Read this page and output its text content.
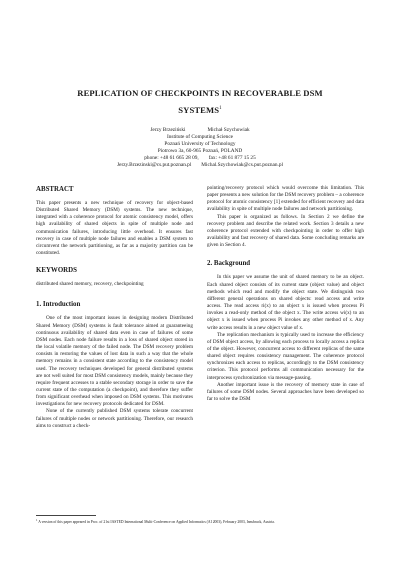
REPLICATION OF CHECKPOINTS IN RECOVERABLE DSM
SYSTEMS$^1$
Jerzy Brzeziński	Michał Szychowiak
Institute of Computing Science
Poznań University of Technology
Piotrowo 3a, 60-965 Poznań, POLAND
phone: +48 61 665 28 09, fax: +48 61 877 15 25
Jerzy.Brzezinski@cs.put.poznan.pl Michal.Szychowiak@cs.put.poznan.pl
ABSTRACT

This paper presents a new technique of recovery for object-based Distributed Shared Memory (DSM) systems. The new technique, integrated with a coherence protocol for atomic consistency model, offers high availability of shared objects in spite of multiple node and communication failures, introducing little overhead. It ensures fast recovery in case of multiple node failures and enables a DSM system to circumvent the network partitioning, as far as a majority partition can be constituted.

KEYWORDS

distributed shared memory, recovery, checkpointing

1. Introduction

One of the most important issues in designing modern Distributed Shared Memory (DSM) systems is fault tolerance aimed at guaranteeing continuous availability of shared data even in case of failures of some DSM nodes. Each node failure results in a loss of shared object stored in the local volatile memory of the failed node. The DSM recovery problem consists in restoring the values of lost data in such a way that the whole memory remains in a consistent state according to the consistency model used. The recovery techniques developed for general distributed systems are not well suited for most DSM consistency models, mainly because they require frequent accesses to a stable secondary storage in order to save the current state of the computation (a checkpoint), and therefore they suffer from significant overhead when imposed on DSM systems. This motivates investigations for new recovery protocols dedicated for DSM.

None of the currently published DSM systems tolerate concurrent failures of multiple nodes or network partitioning. Therefore, our research aims to construct a check-

pointing/recovery protocol which would overcome this limitation. This paper presents a new solution for the DSM recovery problem – a coherence protocol for atomic consistency [1] extended for efficient recovery and data availability in spite of multiple node failures and network partitioning.

This paper is organized as follows. In Section 2 we define the recovery problem and describe the related work. Section 3 details a new coherence protocol extended with checkpointing in order to offer high availability and fast recovery of shared data. Some concluding remarks are given in Section 4.

2. Background

In this paper we assume the unit of shared memory to be an object. Each shared object consists of its current state (object value) and object methods which read and modify the object state. We distinguish two different general operations on shared objects: read access and write access. The read access ri(x) to an object x is issued when process Pi invokes a read-only method of the object x. The write access wi(x) to an object x is issued when process Pi invokes any other method of x. Any write access results in a new object value of x.

The replication mechanism is typically used to increase the efficiency of DSM object access, by allowing each process to locally access a replica of the object. However, concurrent access to different replicas of the same shared object requires consistency management. The coherence protocol synchronizes each access to replicas, accordingly to the DSM consistency criterion. This protocol performs all communication necessary for the interprocess synchronization via message-passing.

Another important issue is the recovery of memory state in case of failures of some DSM nodes. Several approaches have been developed so far to solve the DSM

$^1$ A version of this paper appeared in Proc. of 21st IASTED International Multi-Conference on Applied Informatics (AI 2003), February 2003, Innsbruck, Austria.
